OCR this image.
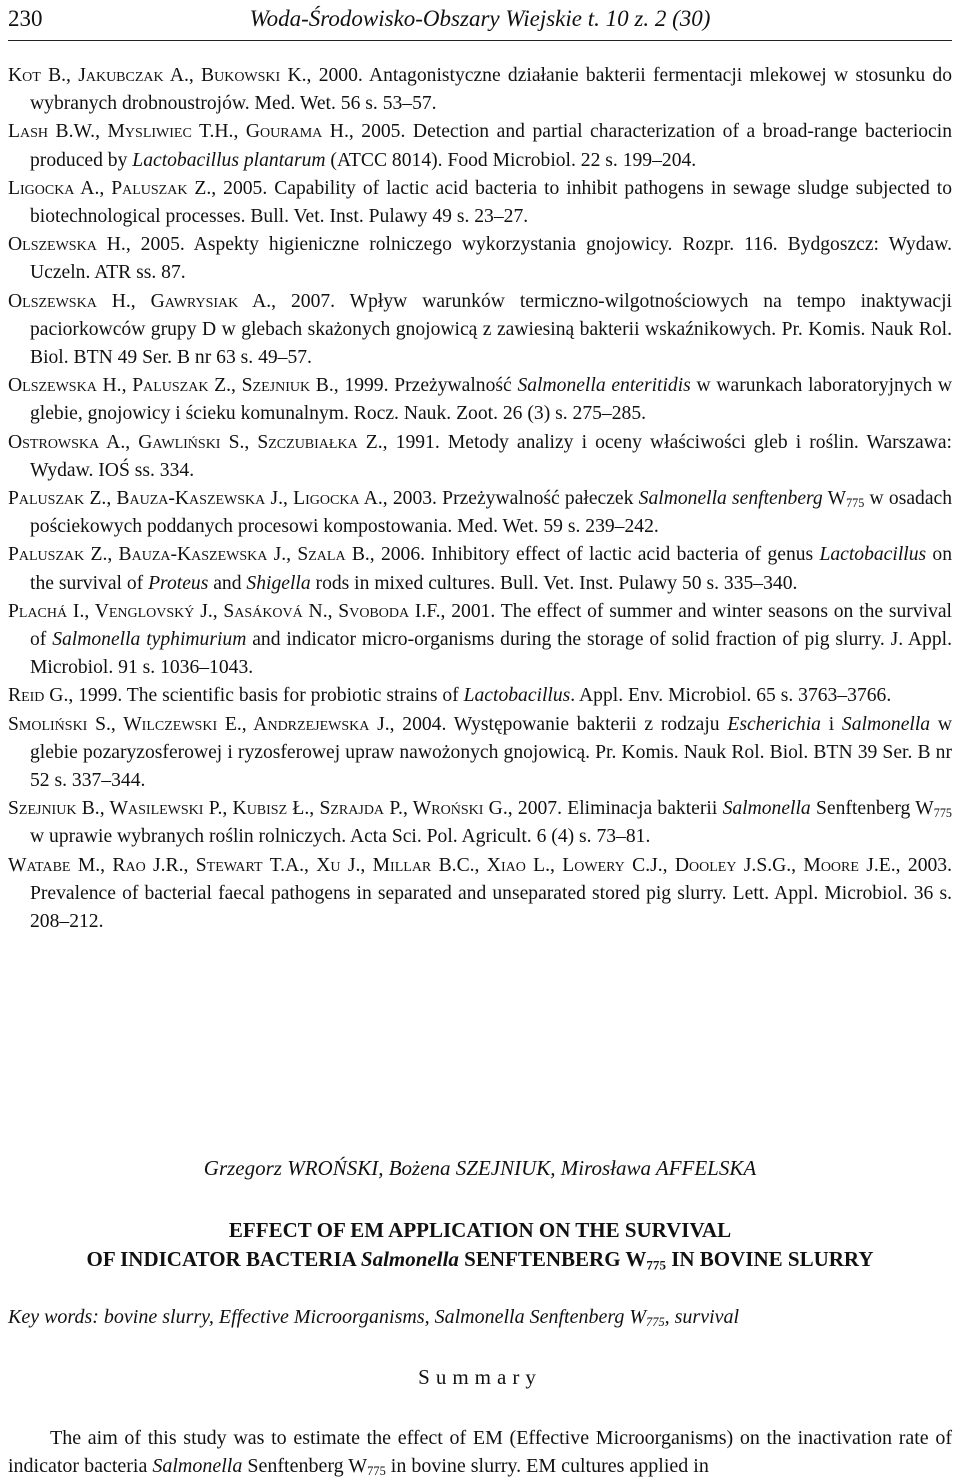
230	Woda-Środowisko-Obszary Wiejskie t. 10 z. 2 (30)

Kot B., Jakubczak A., Bukowski K., 2000. Antagonistyczne działanie bakterii fermentacji mlekowej w stosunku do wybranych drobnoustrojów. Med. Wet. 56 s. 53–57.

Lash B.W., Mysliwiec T.H., Gourama H., 2005. Detection and partial characterization of a broad-range bacteriocin produced by Lactobacillus plantarum (ATCC 8014). Food Microbiol. 22 s. 199–204.

Ligocka A., Paluszak Z., 2005. Capability of lactic acid bacteria to inhibit pathogens in sewage sludge subjected to biotechnological processes. Bull. Vet. Inst. Pulawy 49 s. 23–27.

Olszewska H., 2005. Aspekty higieniczne rolniczego wykorzystania gnojowicy. Rozpr. 116. Bydgoszcz: Wydaw. Uczeln. ATR ss. 87.

Olszewska H., Gawrysiak A., 2007. Wpływ warunków termiczno-wilgotnościowych na tempo inaktywacji paciorkowców grupy D w glebach skażonych gnojowicą z zawiesiną bakterii wskaźnikowych. Pr. Komis. Nauk Rol. Biol. BTN 49 Ser. B nr 63 s. 49–57.

Olszewska H., Paluszak Z., Szejniuk B., 1999. Przeżywalność Salmonella enteritidis w warunkach laboratoryjnych w glebie, gnojowicy i ścieku komunalnym. Rocz. Nauk. Zoot. 26 (3) s. 275–285.

Ostrowska A., Gawliński S., Szczubiałka Z., 1991. Metody analizy i oceny właściwości gleb i roślin. Warszawa: Wydaw. IOŚ ss. 334.

Paluszak Z., Bauza-Kaszewska J., Ligocka A., 2003. Przeżywalność pałeczek Salmonella senftenberg $W_{775}$ w osadach pościekowych poddanych procesowi kompostowania. Med. Wet. 59 s. 239–242.

Paluszak Z., Bauza-Kaszewska J., Szala B., 2006. Inhibitory effect of lactic acid bacteria of genus Lactobacillus on the survival of Proteus and Shigella rods in mixed cultures. Bull. Vet. Inst. Pulawy 50 s. 335–340.

Plachá I., Venglovský J., Sasáková N., Svoboda I.F., 2001. The effect of summer and winter seasons on the survival of Salmonella typhimurium and indicator micro-organisms during the storage of solid fraction of pig slurry. J. Appl. Microbiol. 91 s. 1036–1043.

Reid G., 1999. The scientific basis for probiotic strains of Lactobacillus. Appl. Env. Microbiol. 65 s. 3763–3766.

Smoliński S., Wilczewski E., Andrzejewska J., 2004. Występowanie bakterii z rodzaju Escherichia i Salmonella w glebie pozaryzosferowej i ryzosferowej upraw nawożonych gnojowicą. Pr. Komis. Nauk Rol. Biol. BTN 39 Ser. B nr 52 s. 337–344.

Szejniuk B., Wasilewski P., Kubisz Ł., Szrajda P., Wroński G., 2007. Eliminacja bakterii Salmonella Senftenberg $W_{775}$ w uprawie wybranych roślin rolniczych. Acta Sci. Pol. Agricult. 6 (4) s. 73–81.

Watabe M., Rao J.R., Stewart T.A., Xu J., Millar B.C., Xiao L., Lowery C.J., Dooley J.S.G., Moore J.E., 2003. Prevalence of bacterial faecal pathogens in separated and unseparated stored pig slurry. Lett. Appl. Microbiol. 36 s. 208–212.

Grzegorz WROŃSKI, Bożena SZEJNIUK, Mirosława AFFELSKA
EFFECT OF EM APPLICATION ON THE SURVIVAL
OF INDICATOR BACTERIA Salmonella SENFTENBERG $W_{775}$ IN BOVINE SLURRY
Key words: bovine slurry, Effective Microorganisms, Salmonella Senftenberg $W_{775}$, survival
Summary

The aim of this study was to estimate the effect of EM (Effective Microorganisms) on the inactivation rate of indicator bacteria Salmonella Senftenberg $W_{775}$ in bovine slurry. EM cultures applied in
